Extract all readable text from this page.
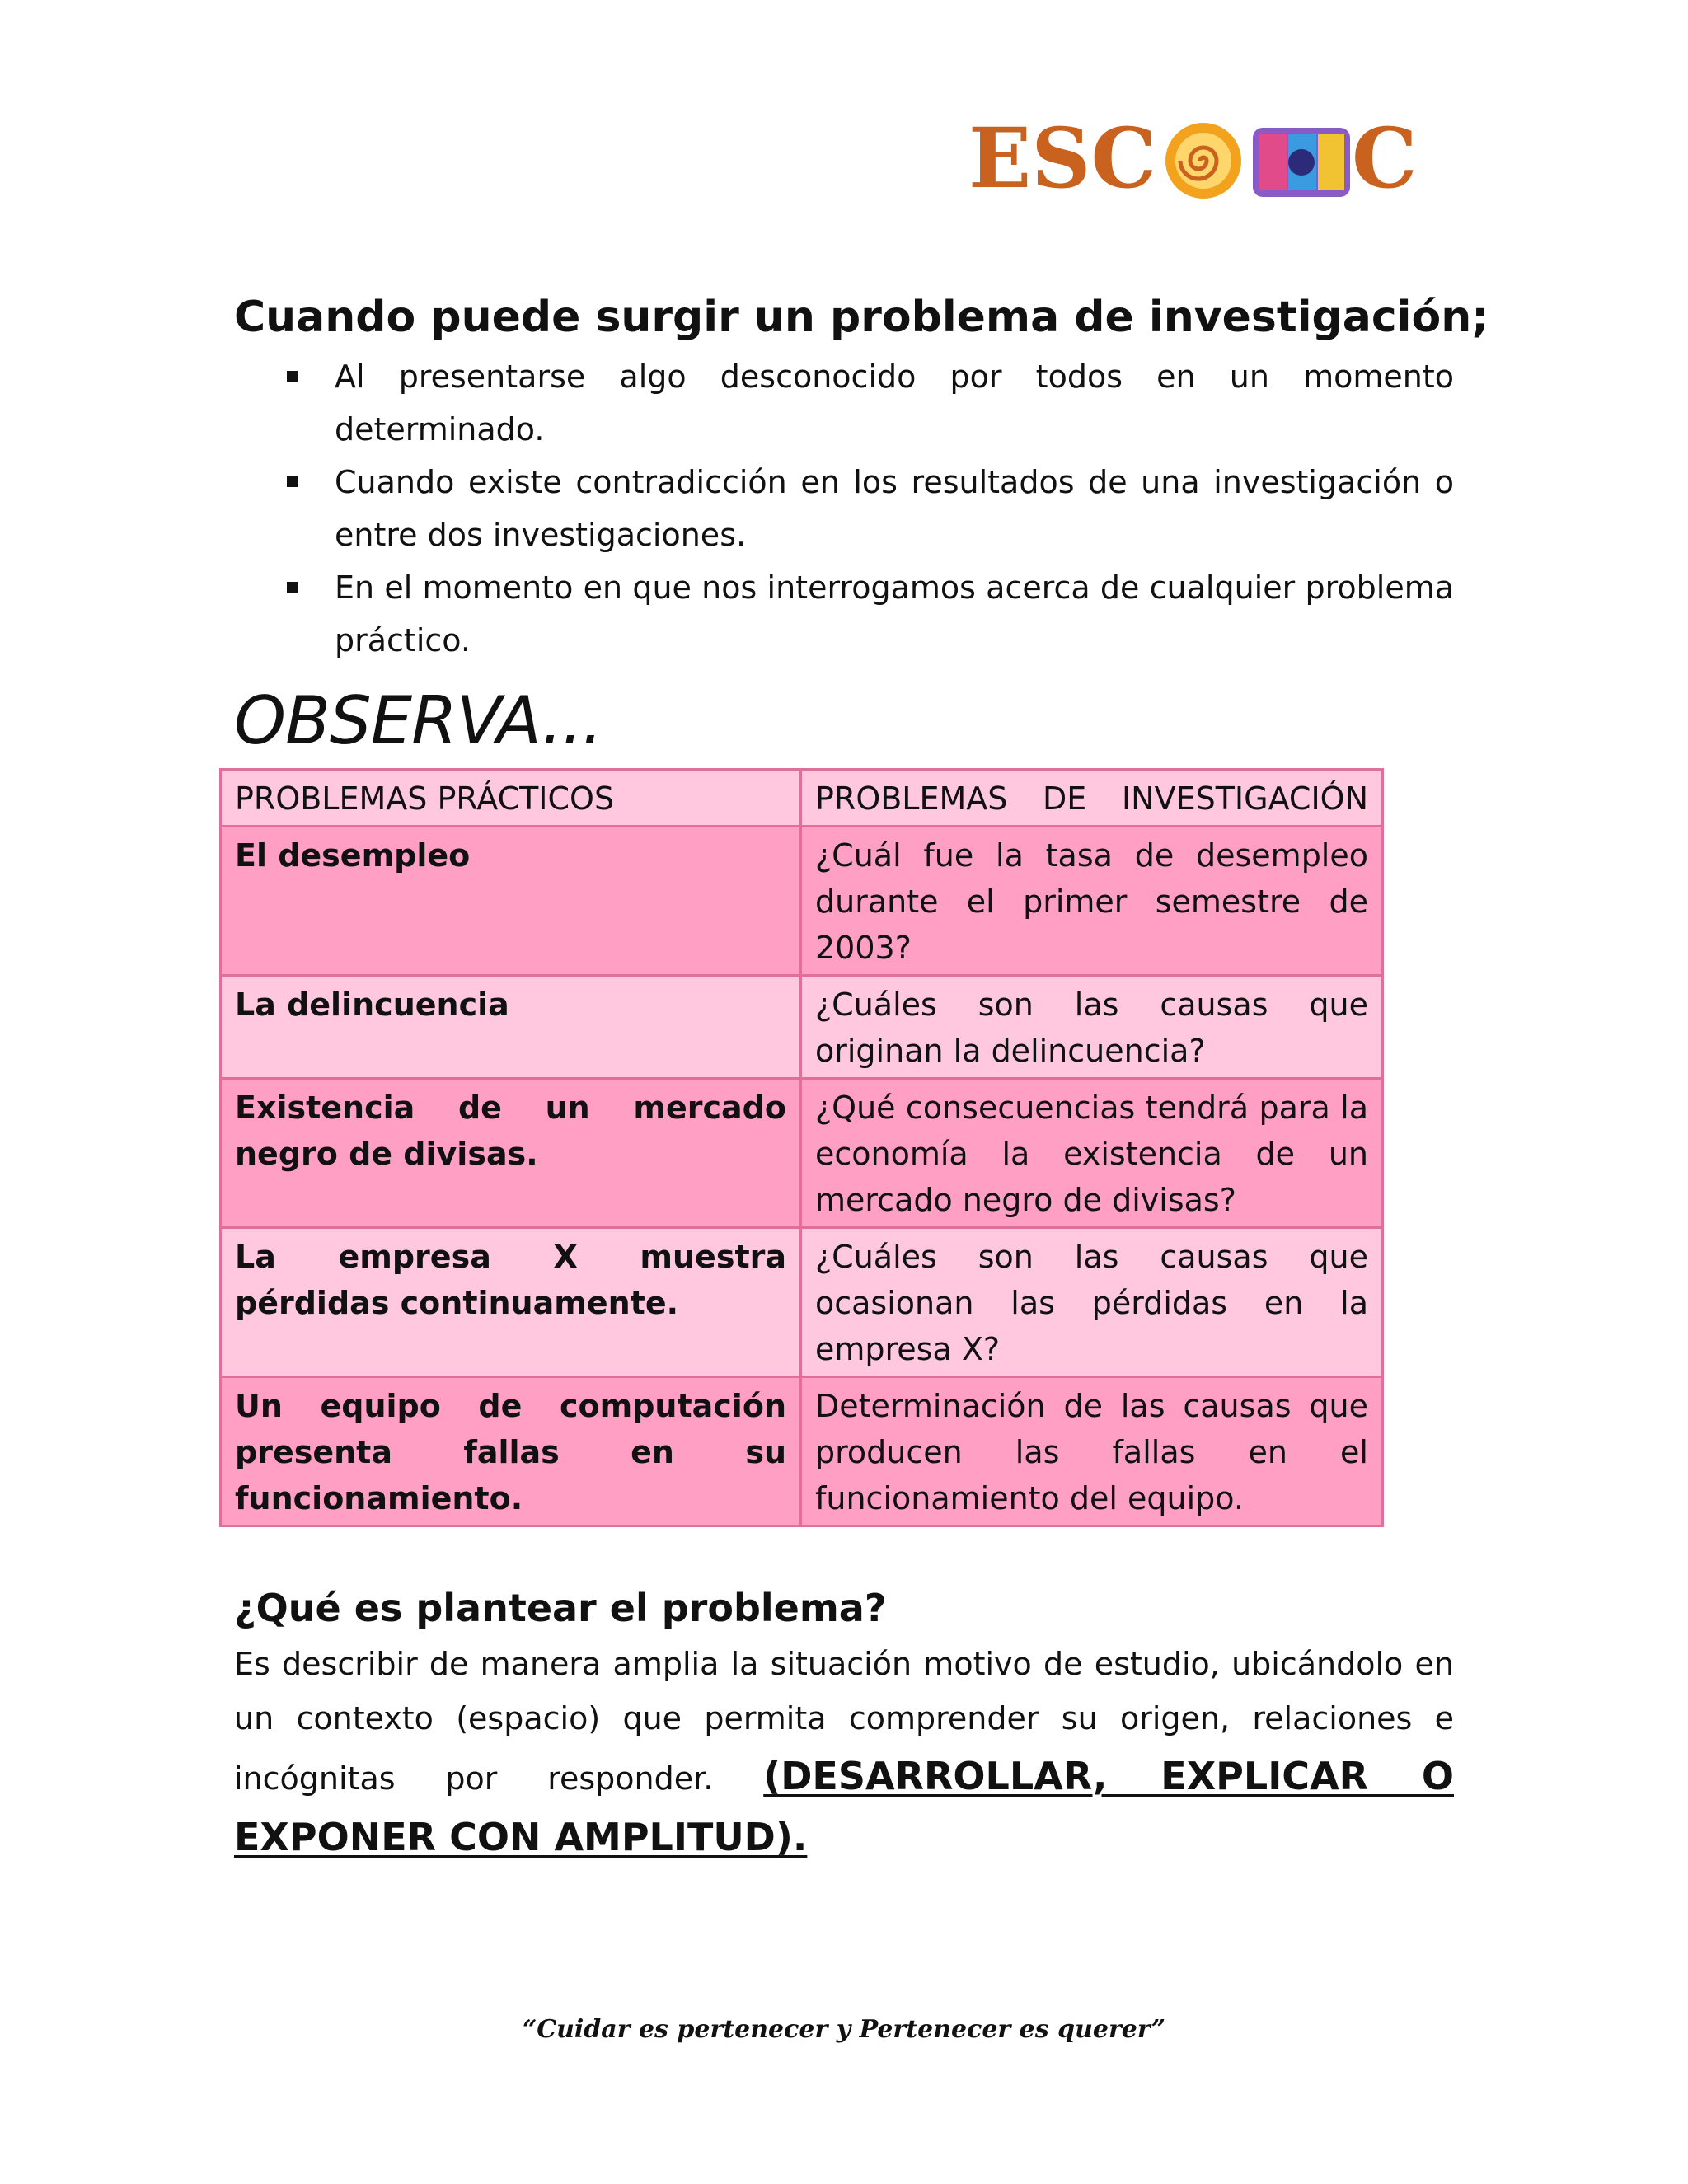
ESC C
Cuando puede surgir un problema de investigación;
Al presentarse algo desconocido por todos en un momento determinado.
Cuando existe contradicción en los resultados de una investigación o entre dos investigaciones.
En el momento en que nos interrogamos acerca de cualquier problema práctico.
OBSERVA...
PROBLEMAS PRÁCTICOS	PROBLEMAS DE INVESTIGACIÓN
El desempleo	¿Cuál fue la tasa de desempleo durante el primer semestre de 2003?
La delincuencia	¿Cuáles son las causas que originan la delincuencia?
Existencia de un mercado negro de divisas.	¿Qué consecuencias tendrá para la economía la existencia de un mercado negro de divisas?
La empresa X muestra pérdidas continuamente.	¿Cuáles son las causas que ocasionan las pérdidas en la empresa X?
Un equipo de computación presenta fallas en su funcionamiento.	Determinación de las causas que producen las fallas en el funcionamiento del equipo.
¿Qué es plantear el problema?
Es describir de manera amplia la situación motivo de estudio, ubicándolo en un contexto (espacio) que permita comprender su origen, relaciones e incógnitas por responder. (DESARROLLAR, EXPLICAR O EXPONER CON AMPLITUD).
“Cuidar es pertenecer y Pertenecer es querer”
